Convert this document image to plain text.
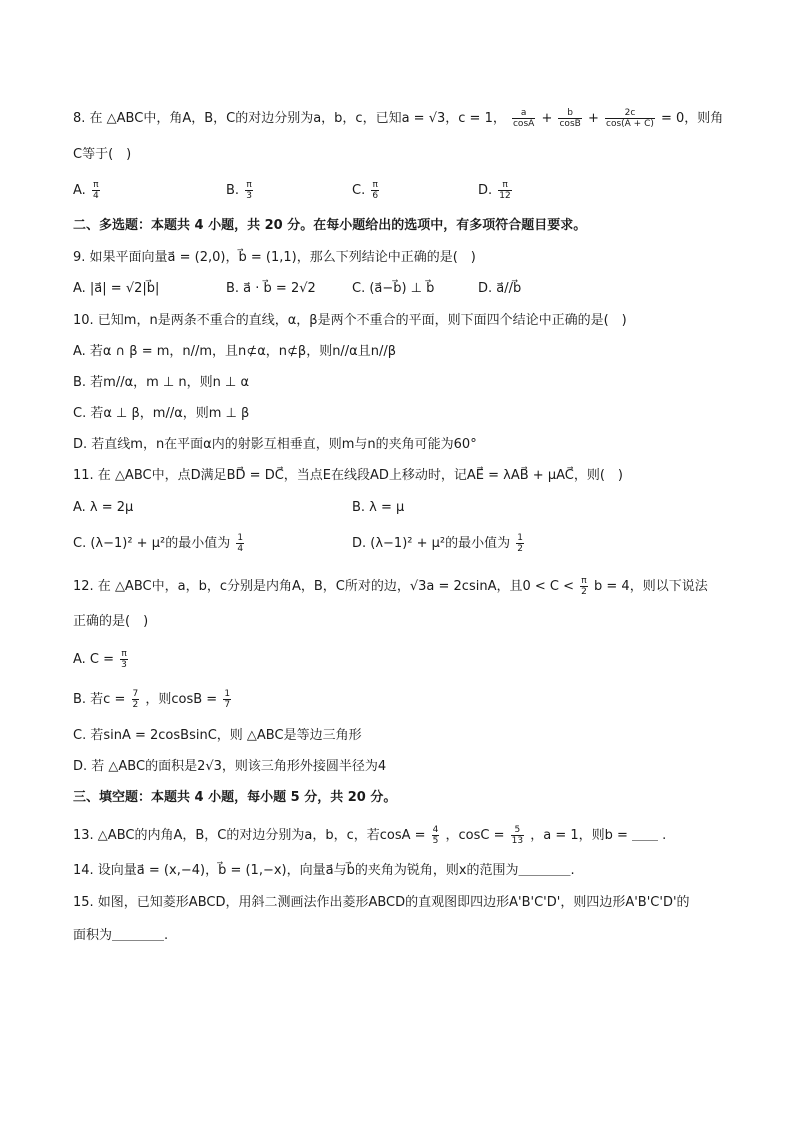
8. 在 △ABC中，角A，B，C的对边分别为a，b，c，已知a = √3，c = 1， $\frac{a}{\cos A} + \frac{b}{\cos B} + \frac{2c}{\cos(A + C)} = 0$，则角
C等于(　)
A. $\frac{\pi}{4}$	B. $\frac{\pi}{3}$	C. $\frac{\pi}{6}$	D. $\frac{\pi}{12}$
二、多选题：本题共 4 小题，共 20 分。在每小题给出的选项中，有多项符合题目要求。
9. 如果平面向量a⃗ = (2,0)，b⃗ = (1,1)，那么下列结论中正确的是(　)
A. |a⃗| = √2|b⃗|	B. a⃗ · b⃗ = 2√2	C. (a⃗−b⃗) ⊥ b⃗	D. a⃗//b⃗
10. 已知m，n是两条不重合的直线，α，β是两个不重合的平面，则下面四个结论中正确的是(　)
A. 若α ∩ β = m，n//m，且n⊄α，n⊄β，则n//α且n//β
B. 若m//α，m ⊥ n，则n ⊥ α
C. 若α ⊥ β，m//α，则m ⊥ β
D. 若直线m，n在平面α内的射影互相垂直，则m与n的夹角可能为60°
11. 在 △ABC中，点D满足BD⃗ = DC⃗，当点E在线段AD上移动时，记AE⃗ = λAB⃗ + μAC⃗，则(　)
A. λ = 2μ	B. λ = μ
C. (λ−1)² + μ²的最小值为 $\frac{1}{4}$	D. (λ−1)² + μ²的最小值为 $\frac{1}{2}$
12. 在 △ABC中，a，b，c分别是内角A，B，C所对的边，√3a = 2csinA，且$0 < C < \frac{\pi}{2}$ b = 4，则以下说法
正确的是(　)
A. $C = \frac{\pi}{3}$
B. 若$c = \frac{7}{2}$ ，则$\cos B = \frac{1}{7}$
C. 若sinA = 2cosBsinC，则 △ABC是等边三角形
D. 若 △ABC的面积是2√3，则该三角形外接圆半径为4
三、填空题：本题共 4 小题，每小题 5 分，共 20 分。
13. △ABC的内角A，B，C的对边分别为a，b，c，若$\cos A = \frac{4}{5}$ ，$\cos C = \frac{5}{13}$ ，a = 1，则b = ＿＿ .
14. 设向量a⃗ = (x,−4)，b⃗ = (1,−x)，向量a⃗与b⃗的夹角为锐角，则x的范围为＿＿＿＿.
15. 如图，已知菱形ABCD，用斜二测画法作出菱形ABCD的直观图即四边形A'B'C'D'，则四边形A'B'C'D'的
面积为＿＿＿＿.
